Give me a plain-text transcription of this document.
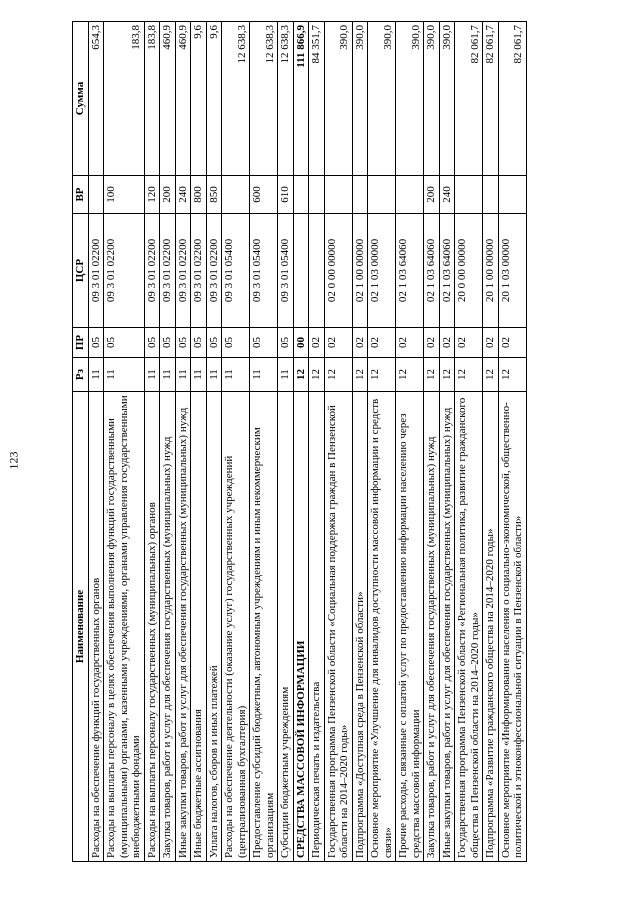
123
Наименование	Рз	ПР	ЦСР	ВР	Сумма
Расходы на обеспечение функций государственных органов	11	05	09 3 01 02200		654,3
Расходы на выплаты персоналу в целях обеспечения выполнения функций государственными (муниципальными) органами, казенными учреждениями, органами управления государственными внебюджетными фондами	11	05	09 3 01 02200	100	183,8
Расходы на выплаты персоналу государственных (муниципальных) органов	11	05	09 3 01 02200	120	183,8
Закупка товаров, работ и услуг для обеспечения государственных (муниципальных) нужд	11	05	09 3 01 02200	200	460,9
Иные закупки товаров, работ и услуг для обеспечения государственных (муниципальных) нужд	11	05	09 3 01 02200	240	460,9
Иные бюджетные ассигнования	11	05	09 3 01 02200	800	9,6
Уплата налогов, сборов и иных платежей	11	05	09 3 01 02200	850	9,6
Расходы на обеспечение деятельности (оказание услуг) государственных учреждений (централизованная бухгалтерия)	11	05	09 3 01 05400		12 638,3
Предоставление субсидий бюджетным, автономным учреждениям и иным некоммерческим организациям	11	05	09 3 01 05400	600	12 638,3
Субсидии бюджетным учреждениям	11	05	09 3 01 05400	610	12 638,3
СРЕДСТВА МАССОВОЙ ИНФОРМАЦИИ	12	00			111 866,9
Периодическая печать и издательства	12	02			84 351,7
Государственная программа Пензенской области «Социальная поддержка граждан в Пензенской области на 2014–2020 годы»	12	02	02 0 00 00000		390,0
Подпрограмма «Доступная среда в Пензенской области»	12	02	02 1 00 00000		390,0
Основное мероприятие «Улучшение для инвалидов доступности массовой информации и средств связи»	12	02	02 1 03 00000		390,0
Прочие расходы, связанные с оплатой услуг по предоставлению информации населению через средства массовой информации	12	02	02 1 03 64060		390,0
Закупка товаров, работ и услуг для обеспечения государственных (муниципальных) нужд	12	02	02 1 03 64060	200	390,0
Иные закупки товаров, работ и услуг для обеспечения государственных (муниципальных) нужд	12	02	02 1 03 64060	240	390,0
Государственная программа Пензенской области «Региональная политика, развитие гражданского общества в Пензенской области на 2014–2020 годы»	12	02	20 0 00 00000		82 061,7
Подпрограмма «Развитие гражданского общества на 2014–2020 годы»	12	02	20 1 00 00000		82 061,7
Основное мероприятие «Информирование населения о социально-экономической, общественно-политической и этноконфессиональной ситуации в Пензенской области»	12	02	20 1 03 00000		82 061,7
